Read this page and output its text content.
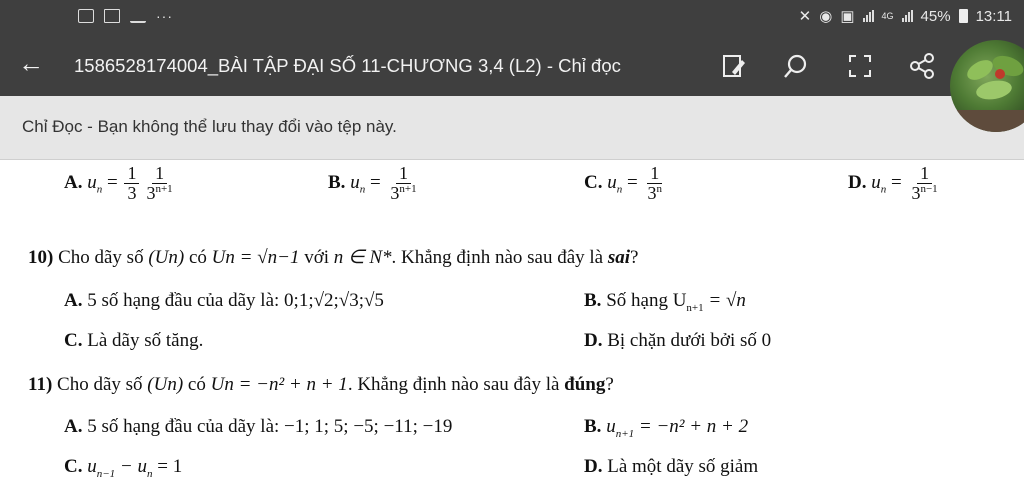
···	✕ ◉ ▣	4G 45% 13:11
← 1586528174004_BÀI TẬP ĐẠI SỐ 11-CHƯƠNG 3,4 (L2) - Chỉ đọc
Chỉ Đọc - Bạn không thể lưu thay đổi vào tệp này.
A. $u_n = \frac{1}{3} \frac{1}{3^{n+1}}$	B. $u_n = \frac{1}{3^{n+1}}$	C. $u_n = \frac{1}{3^n}$	D. $u_n = \frac{1}{3^{n-1}}$
10) Cho dãy số (Un) có Un = √n−1 với n ∈ N*. Khẳng định nào sau đây là sai?
A. 5 số hạng đầu của dãy là: 0;1;√2;√3;√5	B. Số hạng $U_{n+1} = √n$
C. Là dãy số tăng.	D. Bị chặn dưới bởi số 0
11) Cho dãy số (Un) có Un = −n² + n + 1. Khẳng định nào sau đây là đúng?
A. 5 số hạng đầu của dãy là: −1; 1; 5; −5; −11; −19	B. $u_{n+1} = -n^2 + n + 2$
C. $u_{n-1} - u_n = 1$	D. Là một dãy số giảm
